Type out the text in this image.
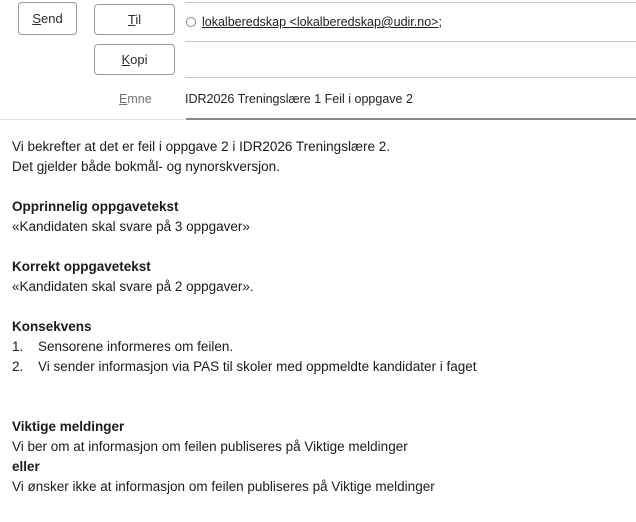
Send	Til
Kopi
lokalberedskap <lokalberedskap@udir.no> ;
Emne	IDR2026 Treningslære 1 Feil i oppgave 2
Vi bekrefter at det er feil i oppgave 2 i IDR2026 Treningslære 2.
Det gjelder både bokmål- og nynorskversjon.
Opprinnelig oppgavetekst
«Kandidaten skal svare på 3 oppgaver»
Korrekt oppgavetekst
«Kandidaten skal svare på 2 oppgaver».
Konsekvens
1. Sensorene informeres om feilen.
2. Vi sender informasjon via PAS til skoler med oppmeldte kandidater i faget
Viktige meldinger
Vi ber om at informasjon om feilen publiseres på Viktige meldinger
eller
Vi ønsker ikke at informasjon om feilen publiseres på Viktige meldinger
